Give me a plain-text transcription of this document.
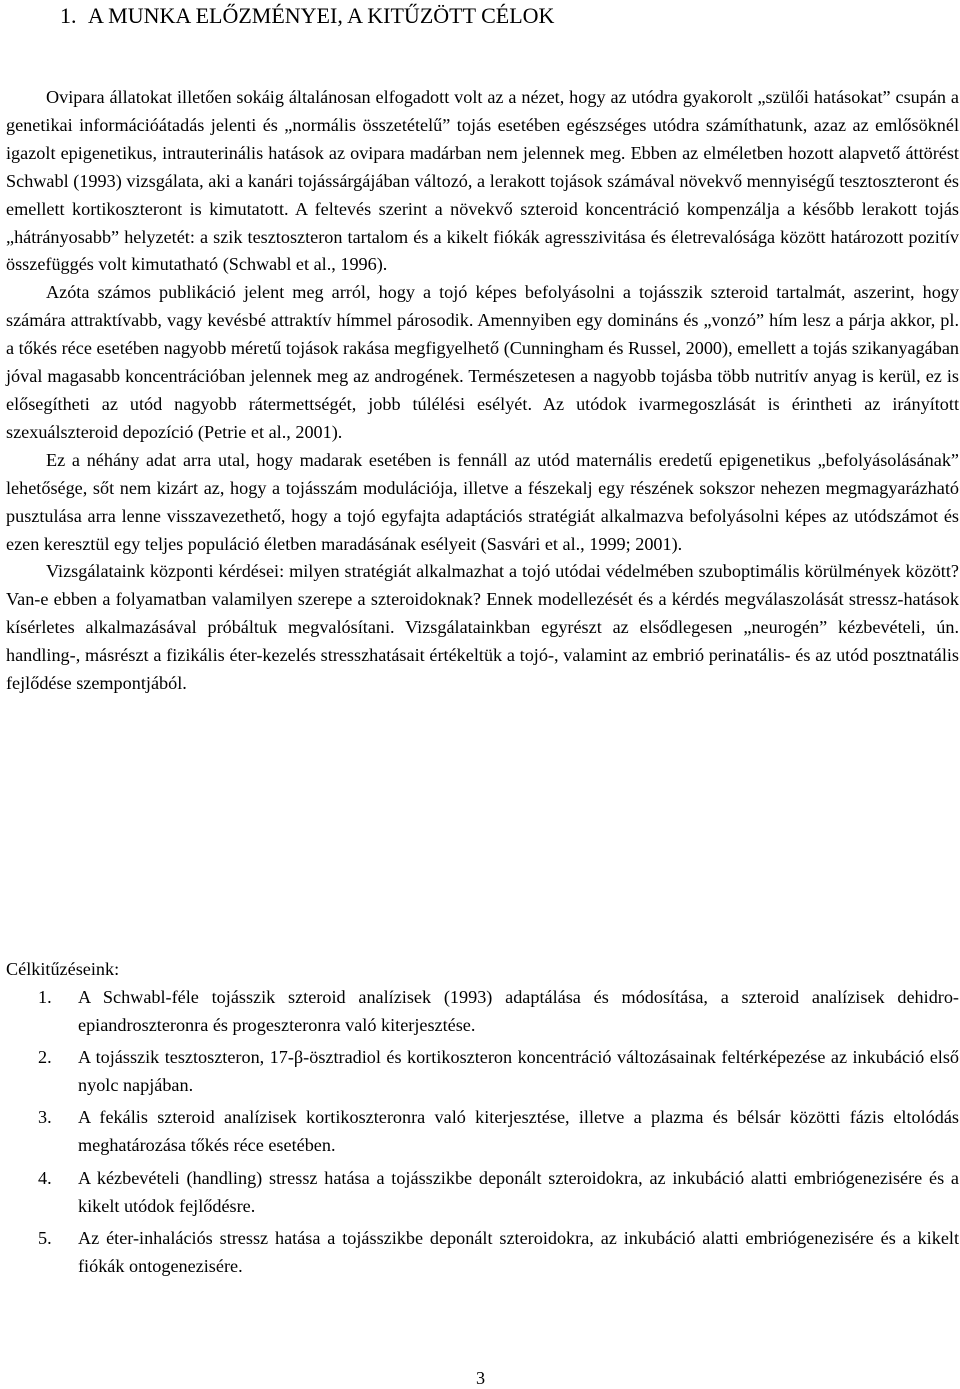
1. A MUNKA ELŐZMÉNYEI, A KITŰZÖTT CÉLOK

Ovipara állatokat illetően sokáig általánosan elfogadott volt az a nézet, hogy az utódra gyakorolt „szülői hatásokat” csupán a genetikai információátadás jelenti és „normális összetételű” tojás esetében egészséges utódra számíthatunk, azaz az emlősöknél igazolt epigenetikus, intrauterinális hatások az ovipara madárban nem jelennek meg. Ebben az elméletben hozott alapvető áttörést Schwabl (1993) vizsgálata, aki a kanári tojássárgájában változó, a lerakott tojások számával növekvő mennyiségű tesztoszteront és emellett kortikoszteront is kimutatott. A feltevés szerint a növekvő szteroid koncentráció kompenzálja a később lerakott tojás „hátrányosabb” helyzetét: a szik tesztoszteron tartalom és a kikelt fiókák agresszivitása és életrevalósága között határozott pozitív összefüggés volt kimutatható (Schwabl et al., 1996).

Azóta számos publikáció jelent meg arról, hogy a tojó képes befolyásolni a tojásszik szteroid tartalmát, aszerint, hogy számára attraktívabb, vagy kevésbé attraktív hímmel párosodik. Amennyiben egy domináns és „vonzó” hím lesz a párja akkor, pl. a tőkés réce esetében nagyobb méretű tojások rakása megfigyelhető (Cunningham és Russel, 2000), emellett a tojás szikanyagában jóval magasabb koncentrációban jelennek meg az androgének. Természetesen a nagyobb tojásba több nutritív anyag is kerül, ez is elősegítheti az utód nagyobb rátermettségét, jobb túlélési esélyét. Az utódok ivarmegoszlását is érintheti az irányított szexuálszteroid depozíció (Petrie et al., 2001).

Ez a néhány adat arra utal, hogy madarak esetében is fennáll az utód maternális eredetű epigenetikus „befolyásolásának” lehetősége, sőt nem kizárt az, hogy a tojásszám modulációja, illetve a fészekalj egy részének sokszor nehezen megmagyarázható pusztulása arra lenne visszavezethető, hogy a tojó egyfajta adaptációs stratégiát alkalmazva befolyásolni képes az utódszámot és ezen keresztül egy teljes populáció életben maradásának esélyeit (Sasvári et al., 1999; 2001).

Vizsgálataink központi kérdései: milyen stratégiát alkalmazhat a tojó utódai védelmében szuboptimális körülmények között? Van-e ebben a folyamatban valamilyen szerepe a szteroidoknak? Ennek modellezését és a kérdés megválaszolását stressz-hatások kísérletes alkalmazásával próbáltuk megvalósítani. Vizsgálatainkban egyrészt az elsődlegesen „neurogén” kézbevételi, ún. handling-, másrészt a fizikális éter-kezelés stresszhatásait értékeltük a tojó-, valamint az embrió perinatális- és az utód posztnatális fejlődése szempontjából.

Célkitűzéseink:
1. A Schwabl-féle tojásszik szteroid analízisek (1993) adaptálása és módosítása, a szteroid analízisek dehidro-epiandroszteronra és progeszteronra való kiterjesztése.
2. A tojásszik tesztoszteron, 17-β-ösztradiol és kortikoszteron koncentráció változásainak feltérképezése az inkubáció első nyolc napjában.
3. A fekális szteroid analízisek kortikoszteronra való kiterjesztése, illetve a plazma és bélsár közötti fázis eltolódás meghatározása tőkés réce esetében.
4. A kézbevételi (handling) stressz hatása a tojásszikbe deponált szteroidokra, az inkubáció alatti embriógenezisére és a kikelt utódok fejlődésre.
5. Az éter-inhalációs stressz hatása a tojásszikbe deponált szteroidokra, az inkubáció alatti embriógenezisére és a kikelt fiókák ontogenezisére.
3
